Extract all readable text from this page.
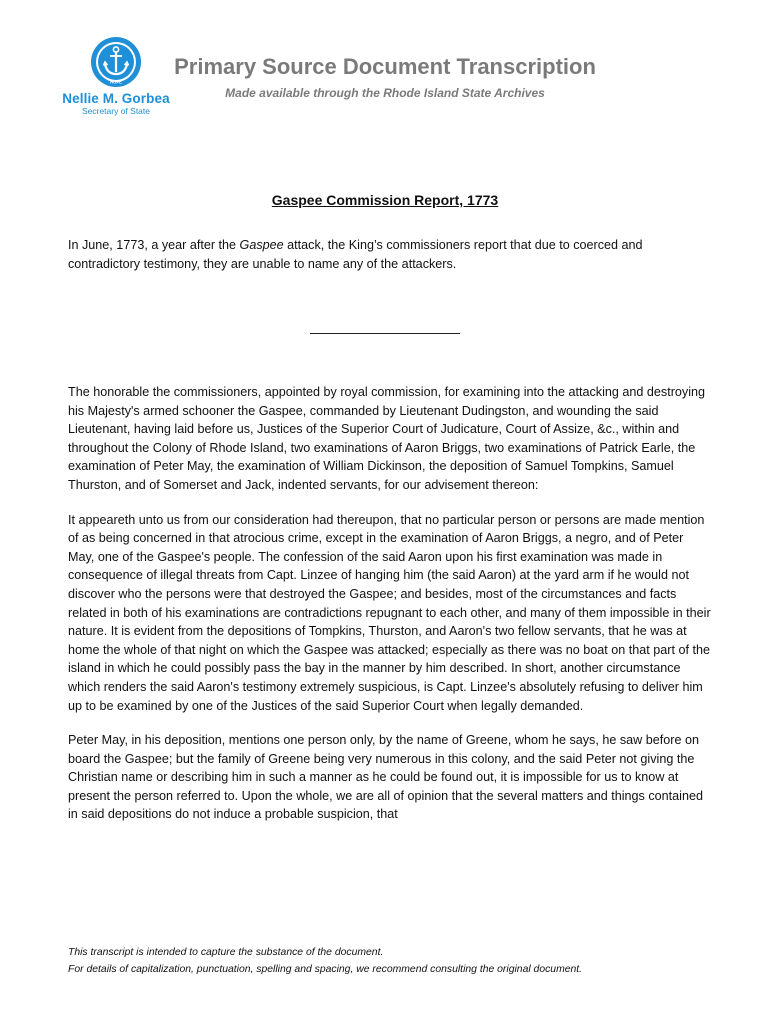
HOPE
Nellie M. Gorbea
Secretary of State
Primary Source Document Transcription
Made available through the Rhode Island State Archives
Gaspee Commission Report, 1773

In June, 1773, a year after the Gaspee attack, the King’s commissioners report that due to coerced and contradictory testimony, they are unable to name any of the attackers.

The honorable the commissioners, appointed by royal commission, for examining into the attacking and destroying his Majesty's armed schooner the Gaspee, commanded by Lieutenant Dudingston, and wounding the said Lieutenant, having laid before us, Justices of the Superior Court of Judicature, Court of Assize, &c., within and throughout the Colony of Rhode Island, two examinations of Aaron Briggs, two examinations of Patrick Earle, the examination of Peter May, the examination of William Dickinson, the deposition of Samuel Tompkins, Samuel Thurston, and of Somerset and Jack, indented servants, for our advisement thereon:

It appeareth unto us from our consideration had thereupon, that no particular person or persons are made mention of as being concerned in that atrocious crime, except in the examination of Aaron Briggs, a negro, and of Peter May, one of the Gaspee's people. The confession of the said Aaron upon his first examination was made in consequence of illegal threats from Capt. Linzee of hanging him (the said Aaron) at the yard arm if he would not discover who the persons were that destroyed the Gaspee; and besides, most of the circumstances and facts related in both of his examinations are contradictions repugnant to each other, and many of them impossible in their nature. It is evident from the depositions of Tompkins, Thurston, and Aaron's two fellow servants, that he was at home the whole of that night on which the Gaspee was attacked; especially as there was no boat on that part of the island in which he could possibly pass the bay in the manner by him described. In short, another circumstance which renders the said Aaron's testimony extremely suspicious, is Capt. Linzee's absolutely refusing to deliver him up to be examined by one of the Justices of the said Superior Court when legally demanded.

Peter May, in his deposition, mentions one person only, by the name of Greene, whom he says, he saw before on board the Gaspee; but the family of Greene being very numerous in this colony, and the said Peter not giving the Christian name or describing him in such a manner as he could be found out, it is impossible for us to know at present the person referred to. Upon the whole, we are all of opinion that the several matters and things contained in said depositions do not induce a probable suspicion, that

This transcript is intended to capture the substance of the document.
For details of capitalization, punctuation, spelling and spacing, we recommend consulting the original document.
